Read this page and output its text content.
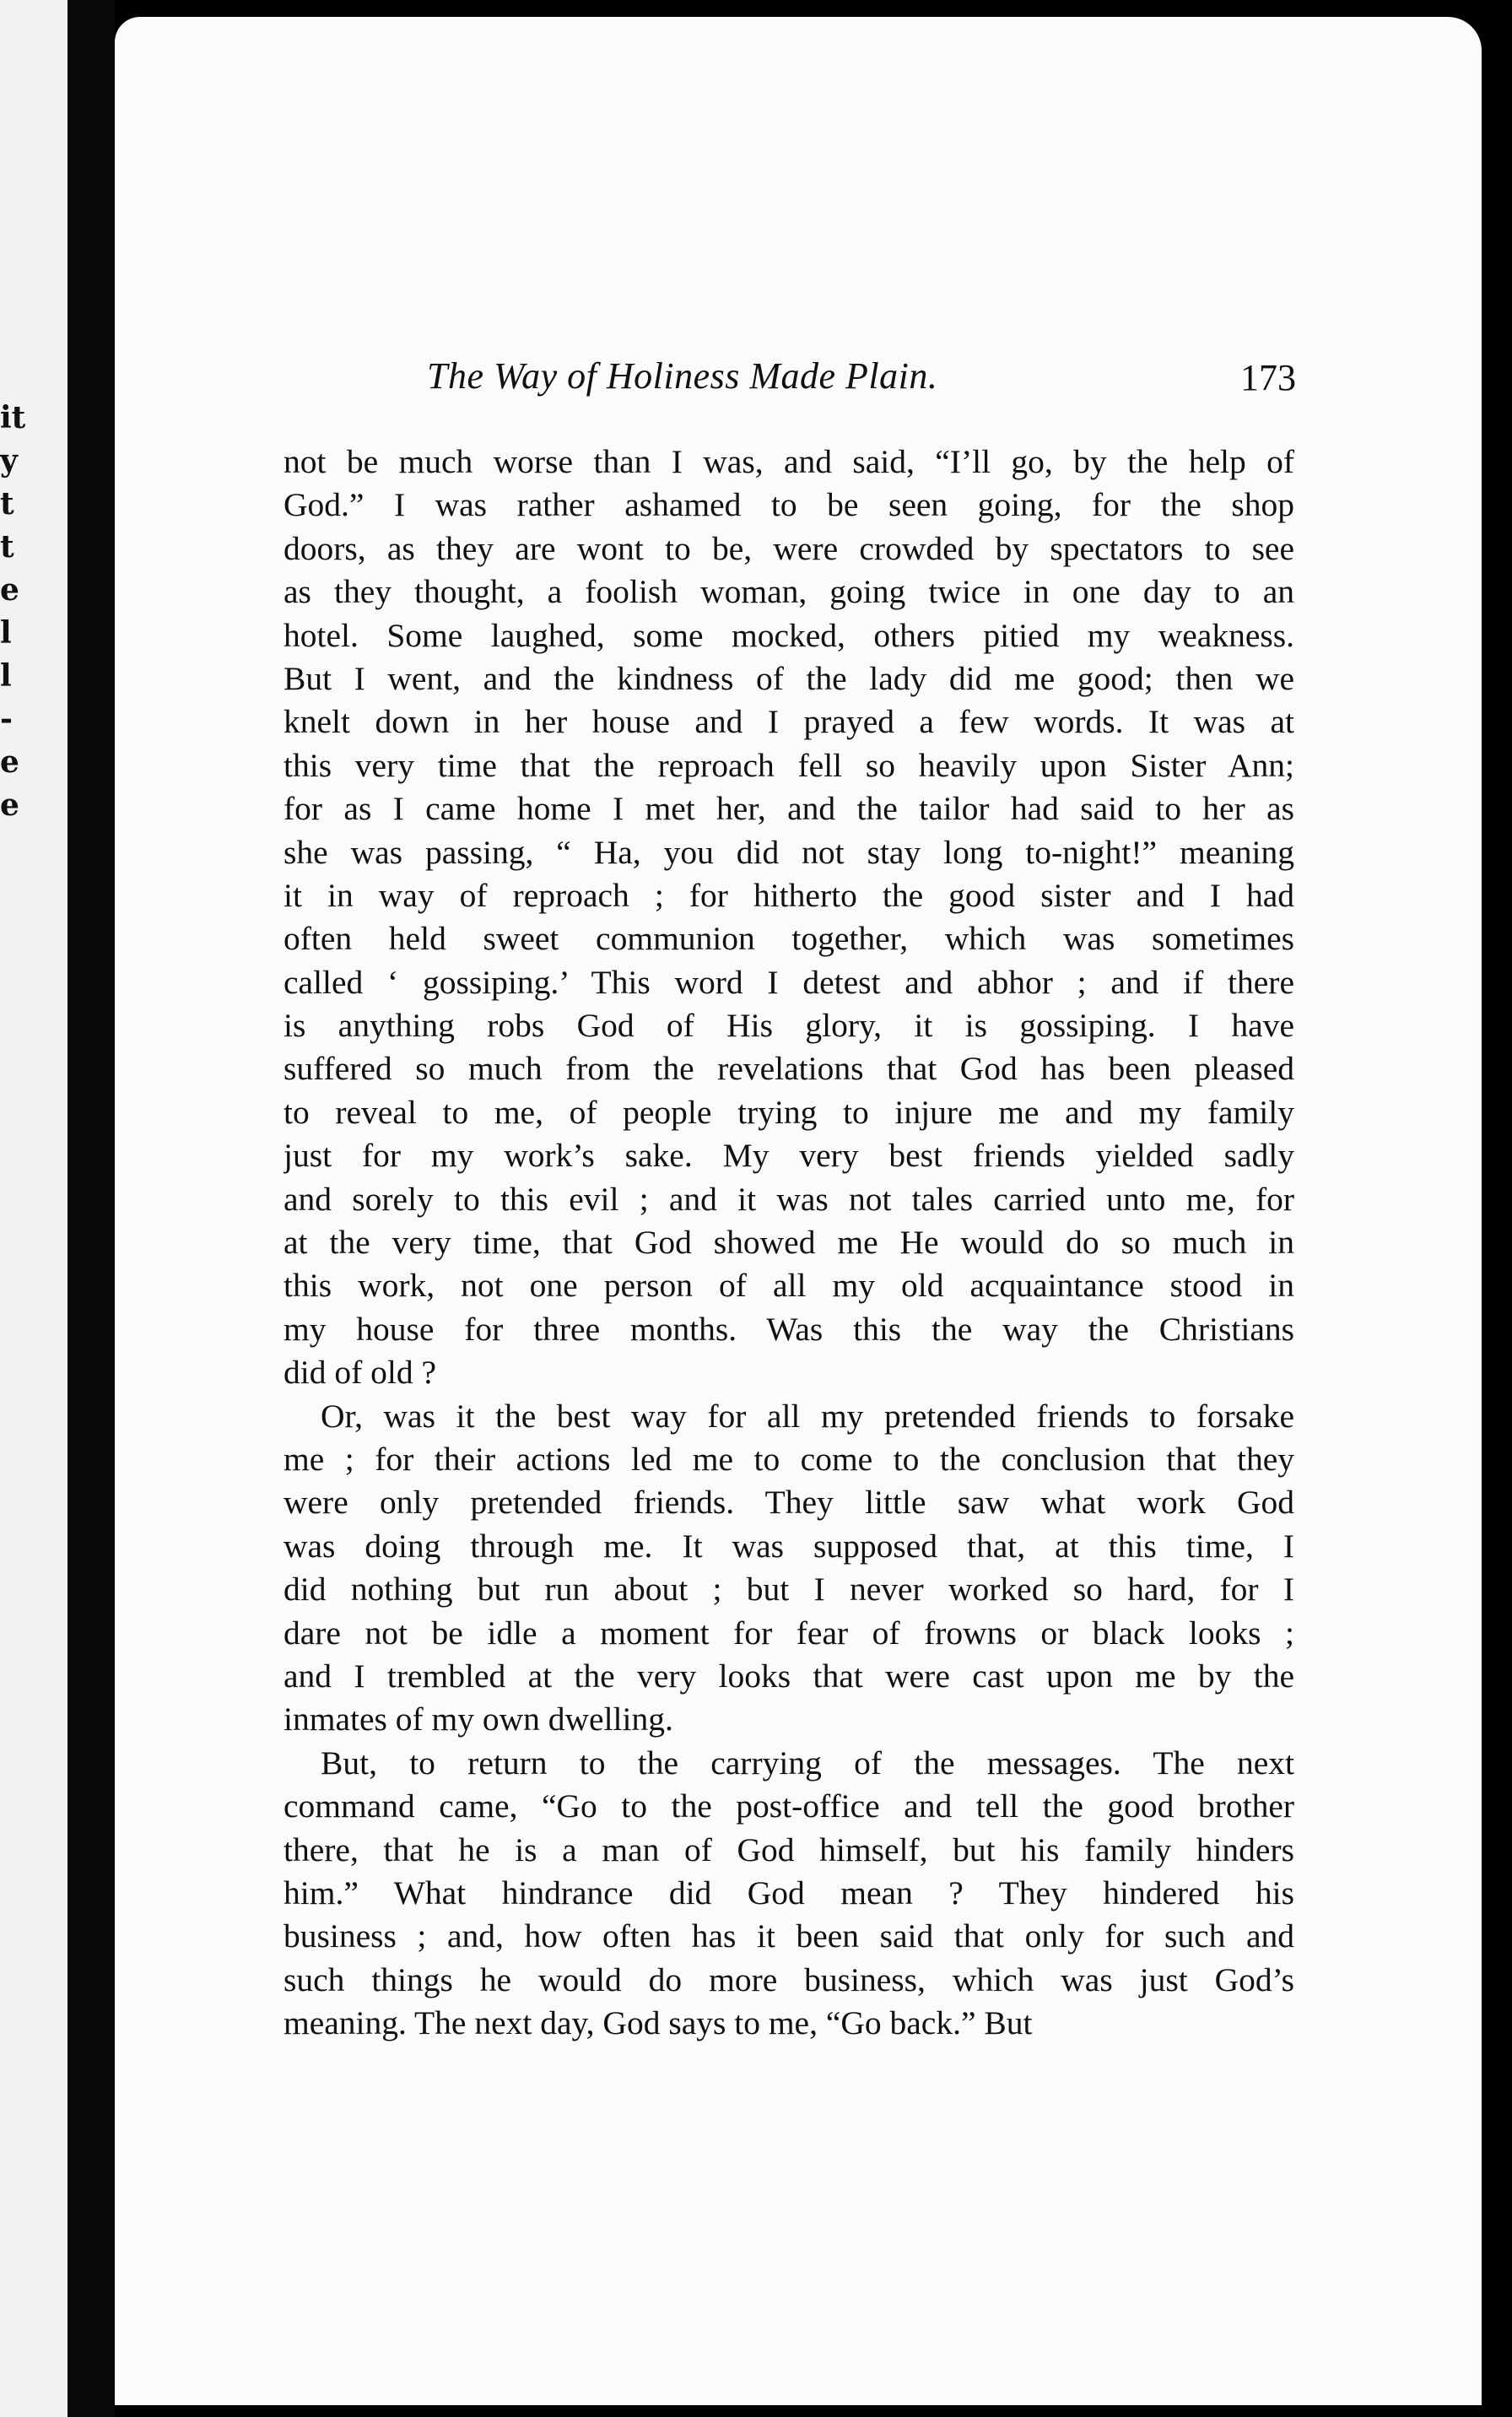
it
y
t
t
e
l
l
-
e
e
The Way of Holiness Made Plain.	173
not be much worse than I was, and said, “I’ll go, by the help of
God.” I was rather ashamed to be seen going, for the shop
doors, as they are wont to be, were crowded by spectators to see
as they thought, a foolish woman, going twice in one day to an
hotel. Some laughed, some mocked, others pitied my weakness.
But I went, and the kindness of the lady did me good; then we
knelt down in her house and I prayed a few words. It was at
this very time that the reproach fell so heavily upon Sister Ann;
for as I came home I met her, and the tailor had said to her as
she was passing, “ Ha, you did not stay long to-night!” meaning
it in way of reproach ; for hitherto the good sister and I had
often held sweet communion together, which was sometimes
called ‘ gossiping.’ This word I detest and abhor ; and if there
is anything robs God of His glory, it is gossiping. I have
suffered so much from the revelations that God has been pleased
to reveal to me, of people trying to injure me and my family
just for my work’s sake. My very best friends yielded sadly
and sorely to this evil ; and it was not tales carried unto me, for
at the very time, that God showed me He would do so much in
this work, not one person of all my old acquaintance stood in
my house for three months. Was this the way the Christians
did of old ?
Or, was it the best way for all my pretended friends to forsake
me ; for their actions led me to come to the conclusion that they
were only pretended friends. They little saw what work God
was doing through me. It was supposed that, at this time, I
did nothing but run about ; but I never worked so hard, for I
dare not be idle a moment for fear of frowns or black looks ;
and I trembled at the very looks that were cast upon me by the
inmates of my own dwelling.
But, to return to the carrying of the messages. The next
command came, “Go to the post-office and tell the good brother
there, that he is a man of God himself, but his family hinders
him.” What hindrance did God mean ? They hindered his
business ; and, how often has it been said that only for such and
such things he would do more business, which was just God’s
meaning. The next day, God says to me, “Go back.” But
